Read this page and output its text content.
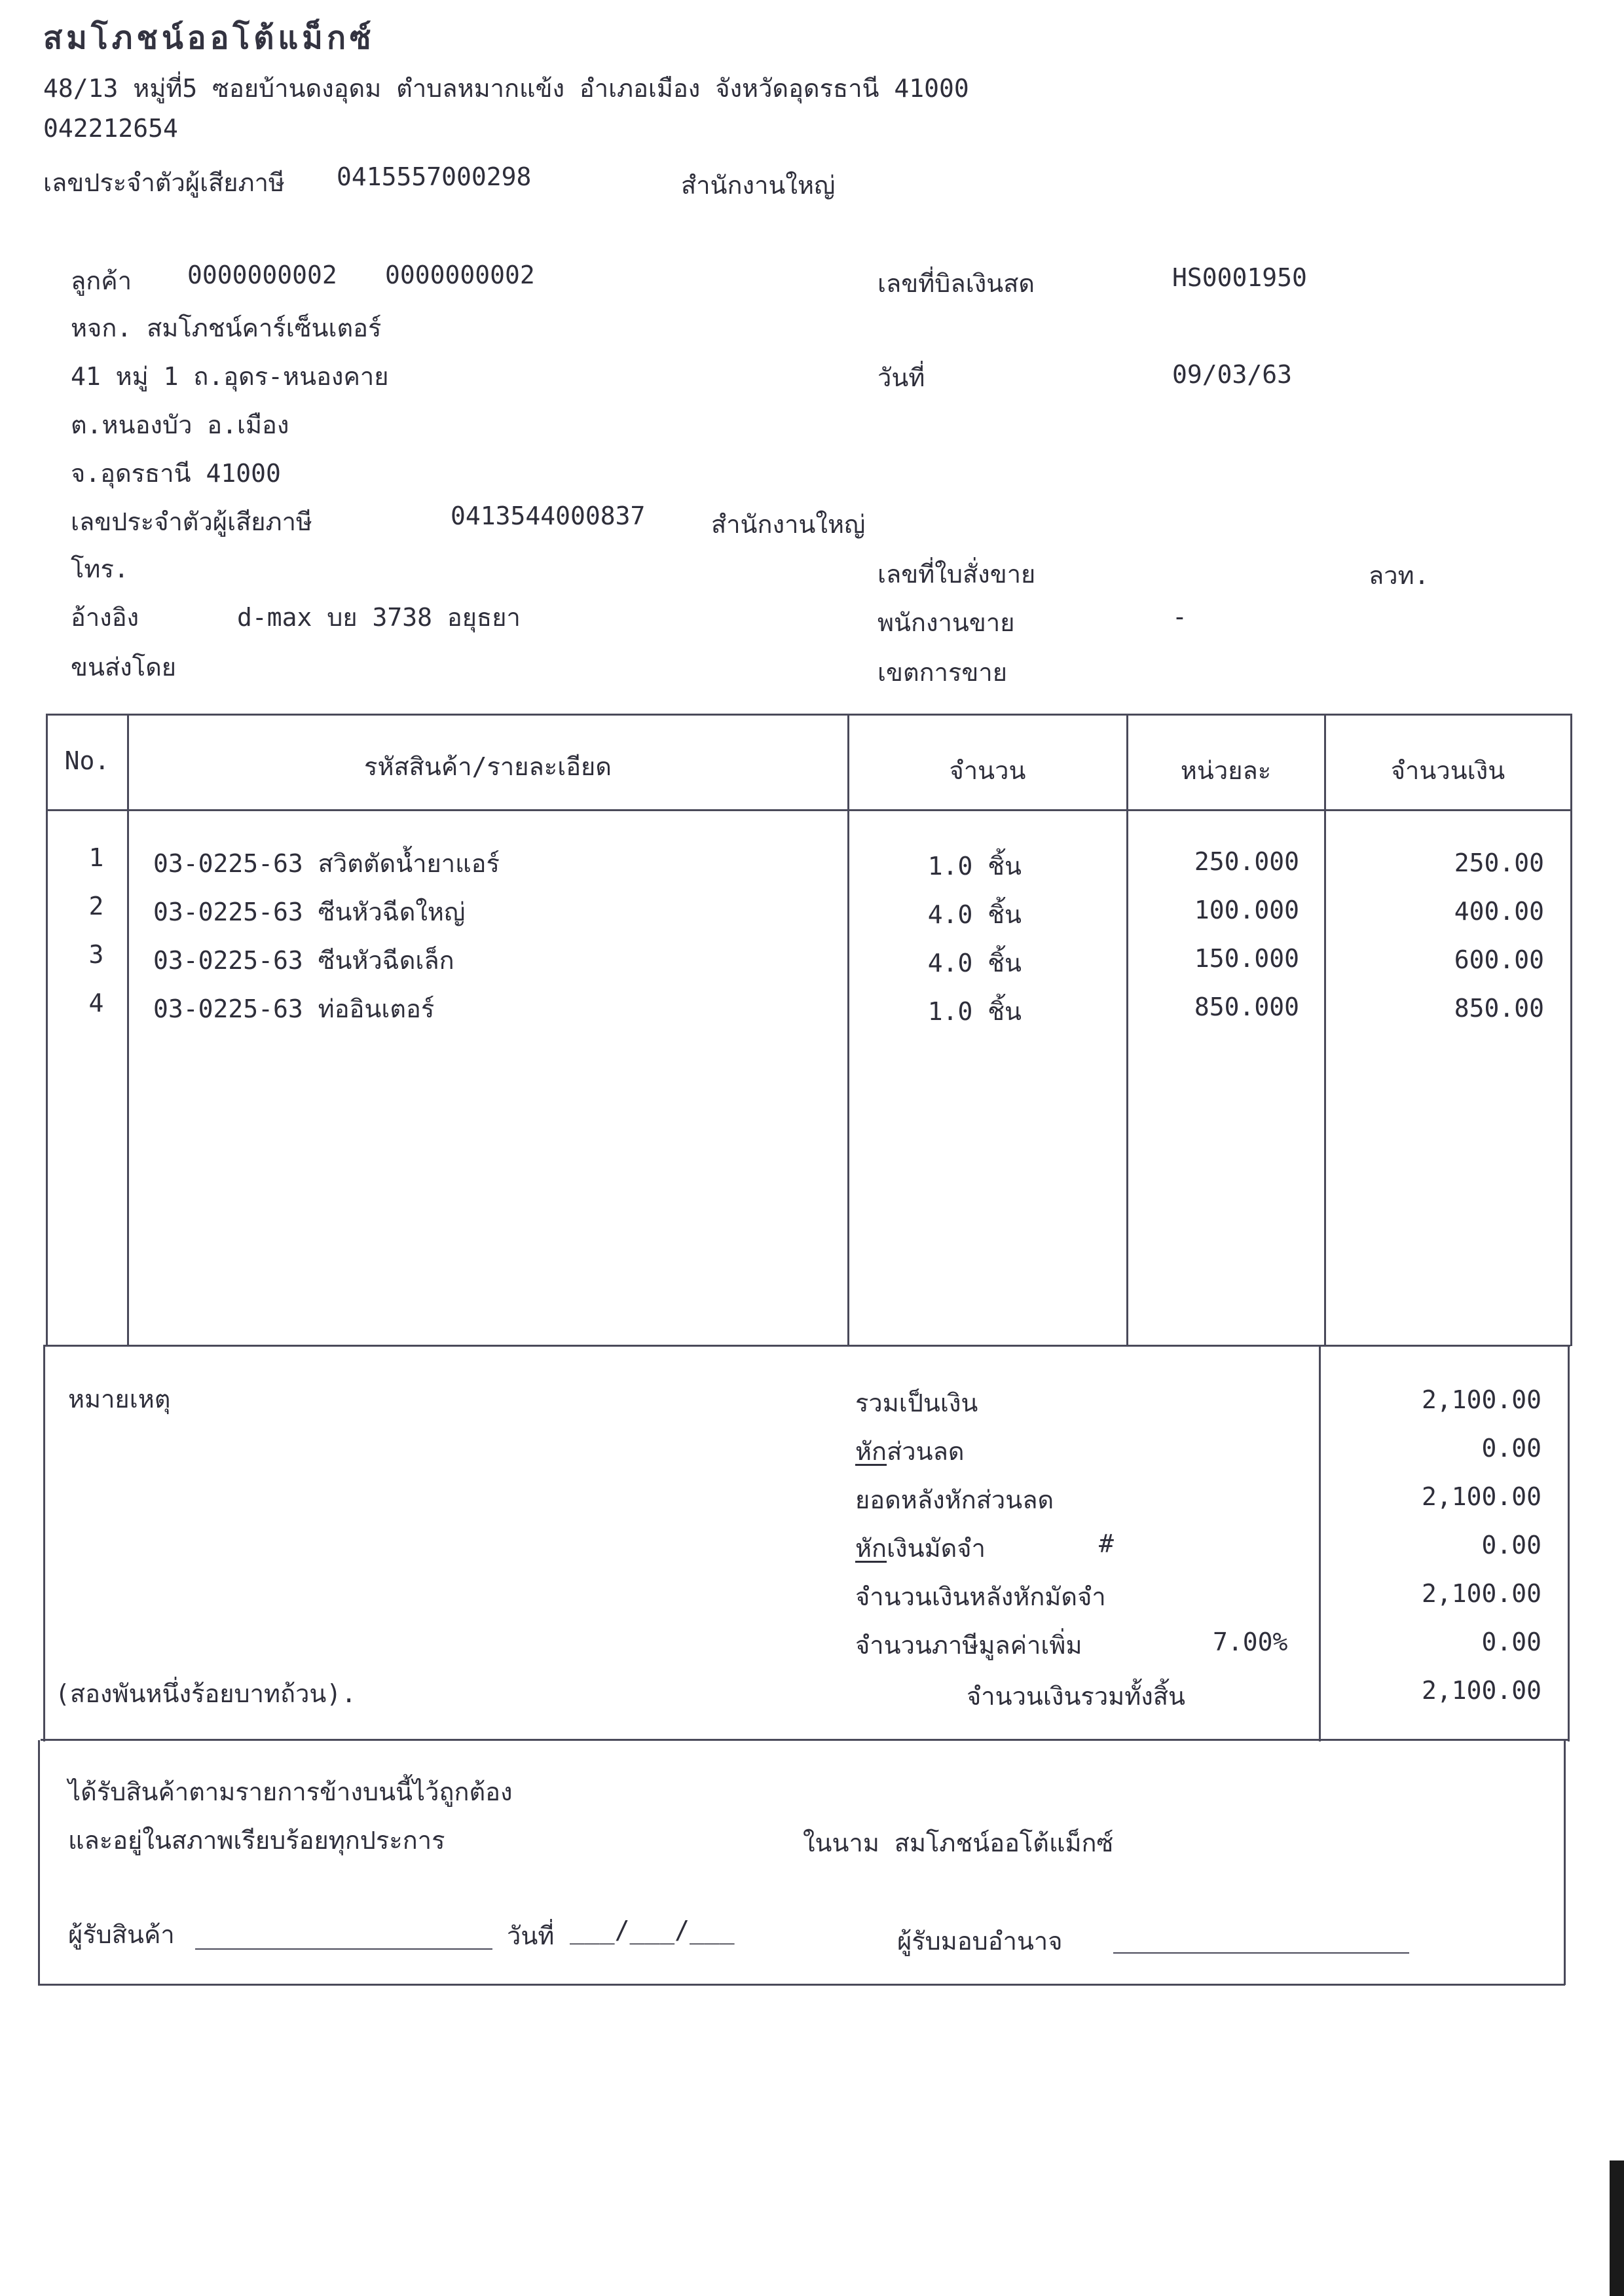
สมโภชน์ออโต้แม็กซ์
48/13 หมู่ที่5 ซอยบ้านดงอุดม ตำบลหมากแข้ง อำเภอเมือง จังหวัดอุดรธานี 41000
042212654
เลขประจำตัวผู้เสียภาษี 0415557000298	สำนักงานใหญ่
ลูกค้า 0000000002 0000000002
หจก. สมโภชน์คาร์เซ็นเตอร์
41 หมู่ 1 ถ.อุดร-หนองคาย
ต.หนองบัว อ.เมือง
จ.อุดรธานี 41000
เลขประจำตัวผู้เสียภาษี	0413544000837	สำนักงานใหญ่
โทร.
อ้างอิง	d-max บย 3738 อยุธยา
ขนส่งโดย
เลขที่บิลเงินสด	HS0001950
วันที่	09/03/63
เลขที่ใบสั่งขาย	ลวท.
พนักงานขาย	-
เขตการขาย
No.	รหัสสินค้า/รายละเอียด	จำนวน	หน่วยละ	จำนวนเงิน
1	03-0225-63 สวิตตัดน้ำยาแอร์	1.0 ชิ้น	250.000	250.00
2	03-0225-63 ซีนหัวฉีดใหญ่	4.0 ชิ้น	100.000	400.00
3	03-0225-63 ซีนหัวฉีดเล็ก	4.0 ชิ้น	150.000	600.00
4	03-0225-63 ท่ออินเตอร์	1.0 ชิ้น	850.000	850.00
หมายเหตุ	รวมเป็นเงิน	2,100.00
หักส่วนลด	0.00
ยอดหลังหักส่วนลด	2,100.00
หักเงินมัดจำ	#	0.00
จำนวนเงินหลังหักมัดจำ	2,100.00
จำนวนภาษีมูลค่าเพิ่ม	7.00%	0.00
(สองพันหนึ่งร้อยบาทถ้วน).	จำนวนเงินรวมทั้งสิ้น	2,100.00
ได้รับสินค้าตามรายการข้างบนนี้ไว้ถูกต้อง
และอยู่ในสภาพเรียบร้อยทุกประการ	ในนาม สมโภชน์ออโต้แม็กซ์
ผู้รับสินค้า	วันที่ ___/___/___	ผู้รับมอบอำนาจ
